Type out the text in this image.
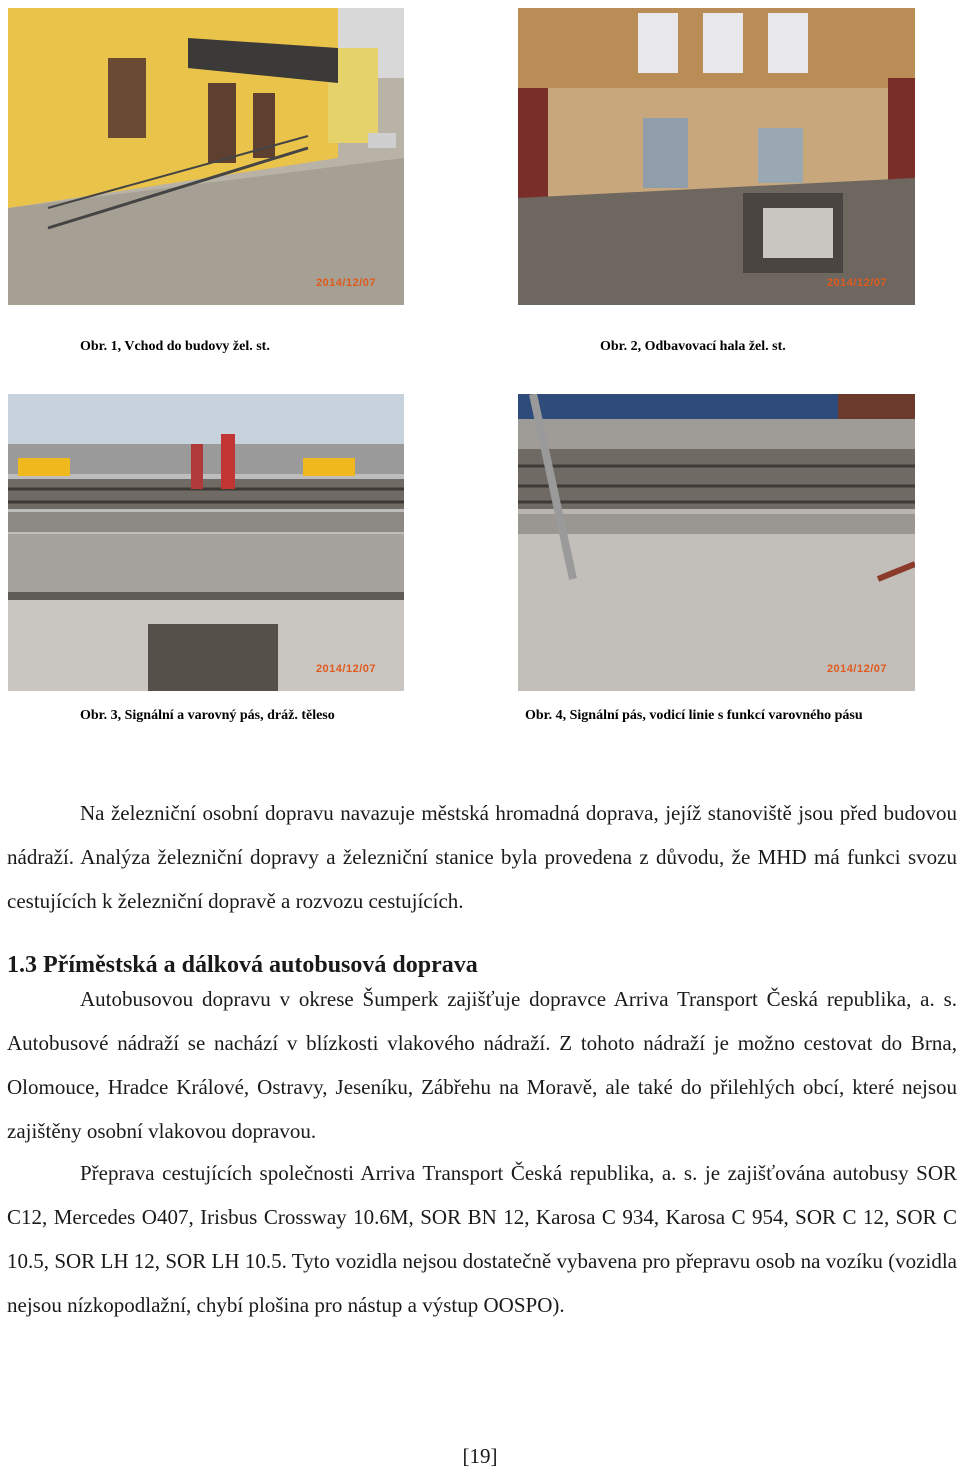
2014/12/07	2014/12/07
Obr. 1, Vchod do budovy žel. st.	Obr. 2, Odbavovací hala žel. st.
2014/12/07	2014/12/07
Obr. 3, Signální a varovný pás, dráž. těleso	Obr. 4, Signální pás, vodicí linie s funkcí varovného pásu
Na železniční osobní dopravu navazuje městská hromadná doprava, jejíž stanoviště jsou před budovou nádraží. Analýza železniční dopravy a železniční stanice byla provedena z důvodu, že MHD má funkci svozu cestujících k železniční dopravě a rozvozu cestujících.
1.3 Příměstská a dálková autobusová doprava
Autobusovou dopravu v okrese Šumperk zajišťuje dopravce Arriva Transport Česká republika, a. s. Autobusové nádraží se nachází v blízkosti vlakového nádraží. Z tohoto nádraží je možno cestovat do Brna, Olomouce, Hradce Králové, Ostravy, Jeseníku, Zábřehu na Moravě, ale také do přilehlých obcí, které nejsou zajištěny osobní vlakovou dopravou.
Přeprava cestujících společnosti Arriva Transport Česká republika, a. s. je zajišťována autobusy SOR C12, Mercedes O407, Irisbus Crossway 10.6M, SOR BN 12, Karosa C 934, Karosa C 954, SOR C 12, SOR C 10.5, SOR LH 12, SOR LH 10.5. Tyto vozidla nejsou dostatečně vybavena pro přepravu osob na vozíku (vozidla nejsou nízkopodlažní, chybí plošina pro nástup a výstup OOSPO).
[19]
